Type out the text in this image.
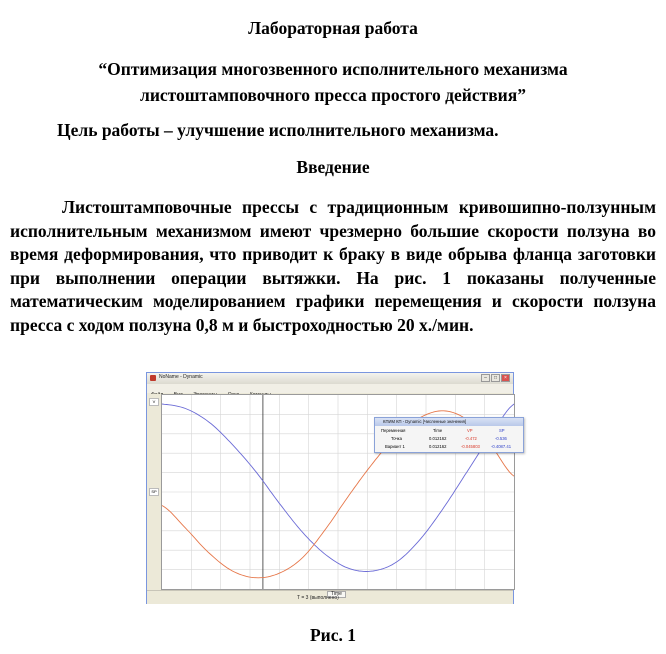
Лабораторная работа
“Оптимизация многозвенного исполнительного механизма
листоштамповочного пресса простого действия”
Цель работы – улучшение исполнительного механизма.
Введение

Листоштамповочные прессы с традиционным кривошипно-ползунным исполнительным механизмом имеют чрезмерно большие скорости ползуна во время деформирования, что приводит к браку в виде обрыва фланца заготовки при выполнении операции вытяжки. На рис. 1 показаны полученные математическим моделированием графики перемещения и скорости ползуна пресса с ходом ползуна 0,8 м и быстроходностью 20 х./мин.

NoName - Dynamic	–	□	×
V
SP
КПИМ КП - Dynamic [Численные значения]
Переменная	Time	VP	SP
Точка	0.012162	-0.472	-0.536
Вариант 1	0.012162	-0.045803	-0.4087.41
Time
T = 3 (выполнено)
Рис. 1
